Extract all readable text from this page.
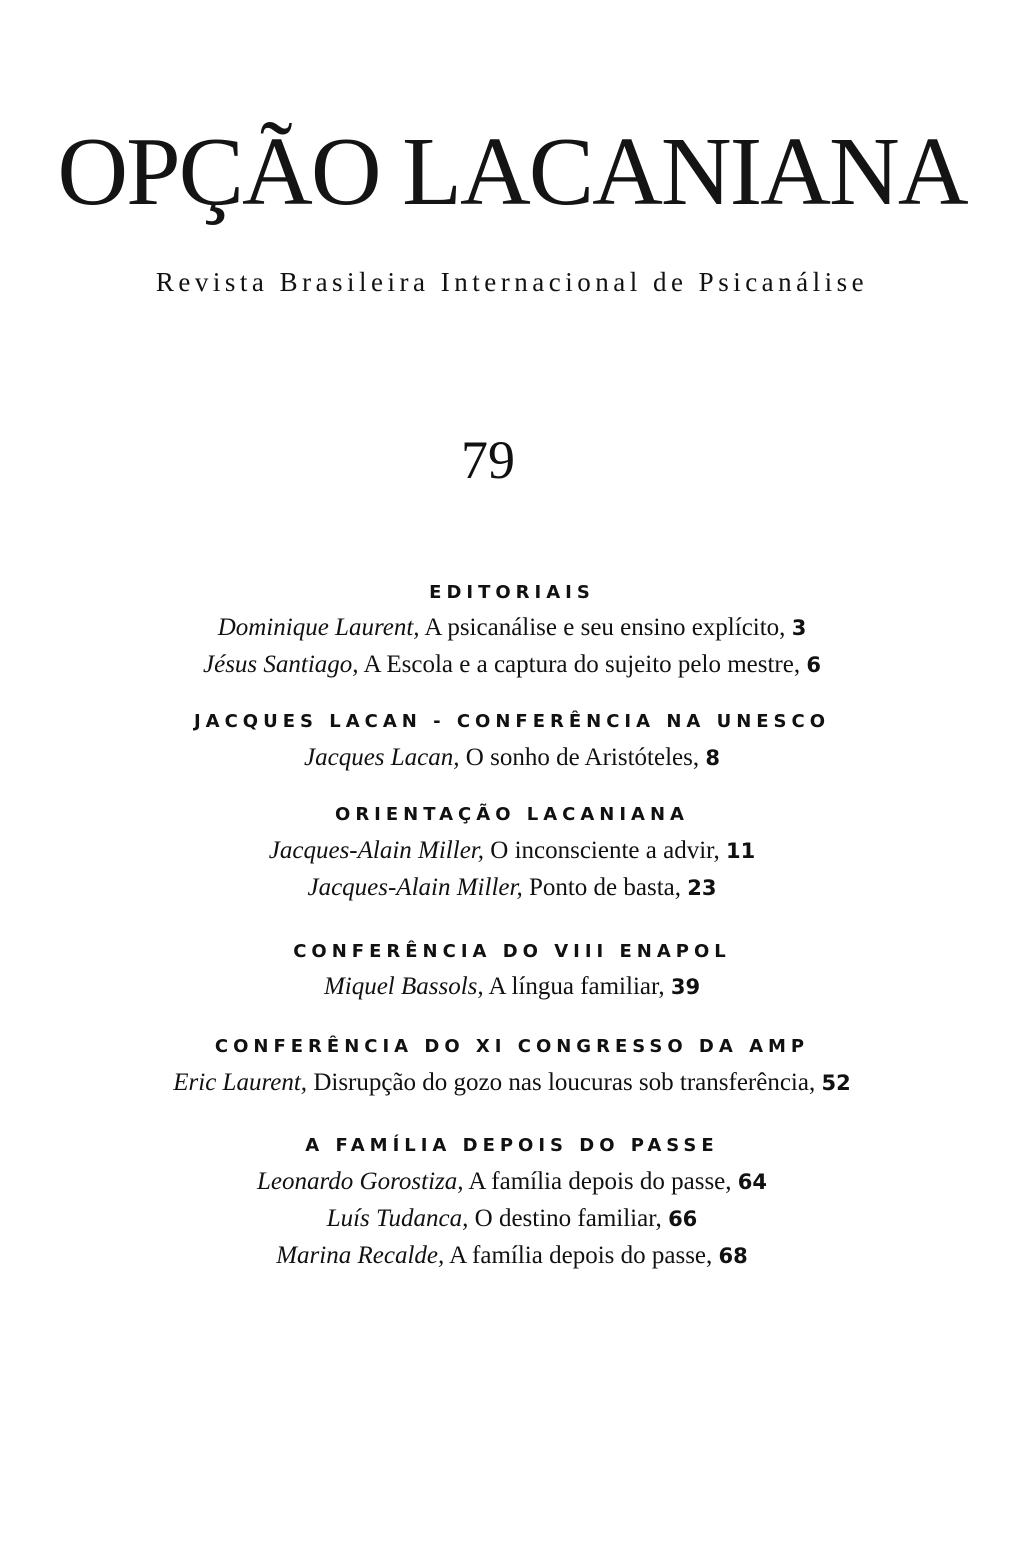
OPÇÃO LACANIANA

Revista Brasileira Internacional de Psicanálise

79

EDITORIAIS
Dominique Laurent, A psicanálise e seu ensino explícito, 3
Jésus Santiago, A Escola e a captura do sujeito pelo mestre, 6
JACQUES LACAN - CONFERÊNCIA NA UNESCO
Jacques Lacan, O sonho de Aristóteles, 8
ORIENTAÇÃO LACANIANA
Jacques-Alain Miller, O inconsciente a advir, 11
Jacques-Alain Miller, Ponto de basta, 23
CONFERÊNCIA DO VIII ENAPOL
Miquel Bassols, A língua familiar, 39
CONFERÊNCIA DO XI CONGRESSO DA AMP
Eric Laurent, Disrupção do gozo nas loucuras sob transferência, 52
A FAMÍLIA DEPOIS DO PASSE
Leonardo Gorostiza, A família depois do passe, 64
Luís Tudanca, O destino familiar, 66
Marina Recalde, A família depois do passe, 68
